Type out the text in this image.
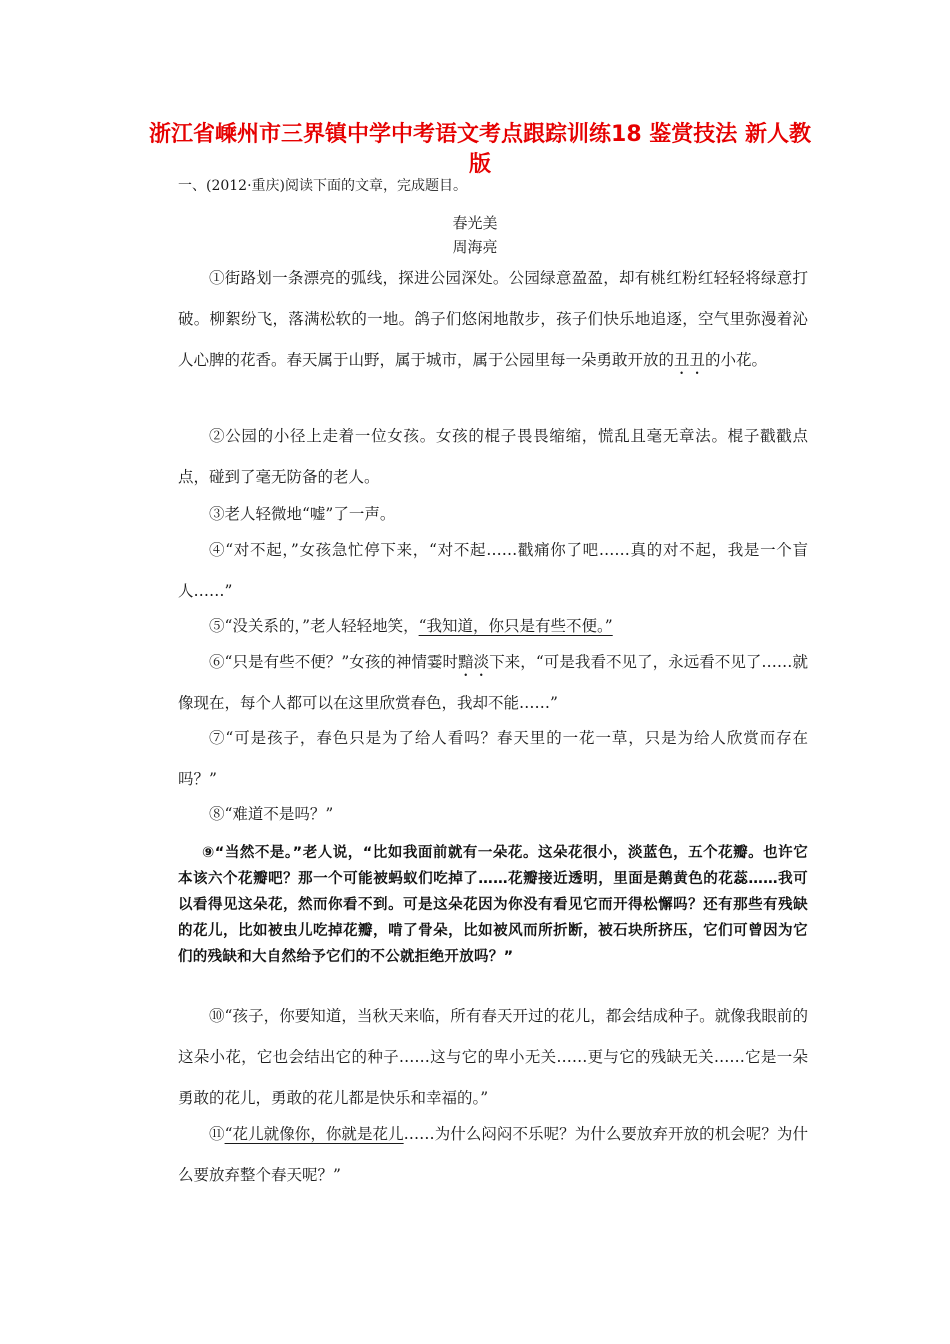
浙江省嵊州市三界镇中学中考语文考点跟踪训练18 鉴赏技法 新人教版
一、(2012·重庆)阅读下面的文章，完成题目。
春光美
周海亮

①街路划一条漂亮的弧线，探进公园深处。公园绿意盈盈，却有桃红粉红轻轻将绿意打破。柳絮纷飞，落满松软的一地。鸽子们悠闲地散步，孩子们快乐地追逐，空气里弥漫着沁人心脾的花香。春天属于山野，属于城市，属于公园里每一朵勇敢开放的丑丑的小花。

②公园的小径上走着一位女孩。女孩的棍子畏畏缩缩，慌乱且毫无章法。棍子戳戳点点，碰到了毫无防备的老人。

③老人轻微地“嘘”了一声。

④“对不起，”女孩急忙停下来，“对不起……戳痛你了吧……真的对不起，我是一个盲人……”

⑤“没关系的，”老人轻轻地笑，“我知道，你只是有些不便。”

⑥“只是有些不便？”女孩的神情霎时黯淡下来，“可是我看不见了，永远看不见了……就像现在，每个人都可以在这里欣赏春色，我却不能……”

⑦“可是孩子，春色只是为了给人看吗？春天里的一花一草，只是为给人欣赏而存在吗？”

⑧“难道不是吗？”

⑨“当然不是。”老人说，“比如我面前就有一朵花。这朵花很小，淡蓝色，五个花瓣。也许它本该六个花瓣吧？那一个可能被蚂蚁们吃掉了……花瓣接近透明，里面是鹅黄色的花蕊……我可以看得见这朵花，然而你看不到。可是这朵花因为你没有看见它而开得松懈吗？还有那些有残缺的花儿，比如被虫儿吃掉花瓣，啃了骨朵，比如被风而所折断，被石块所挤压，它们可曾因为它们的残缺和大自然给予它们的不公就拒绝开放吗？”

⑩“孩子，你要知道，当秋天来临，所有春天开过的花儿，都会结成种子。就像我眼前的这朵小花，它也会结出它的种子……这与它的卑小无关……更与它的残缺无关……它是一朵勇敢的花儿，勇敢的花儿都是快乐和幸福的。”

⑪“花儿就像你，你就是花儿……为什么闷闷不乐呢？为什么要放弃开放的机会呢？为什么要放弃整个春天呢？”
